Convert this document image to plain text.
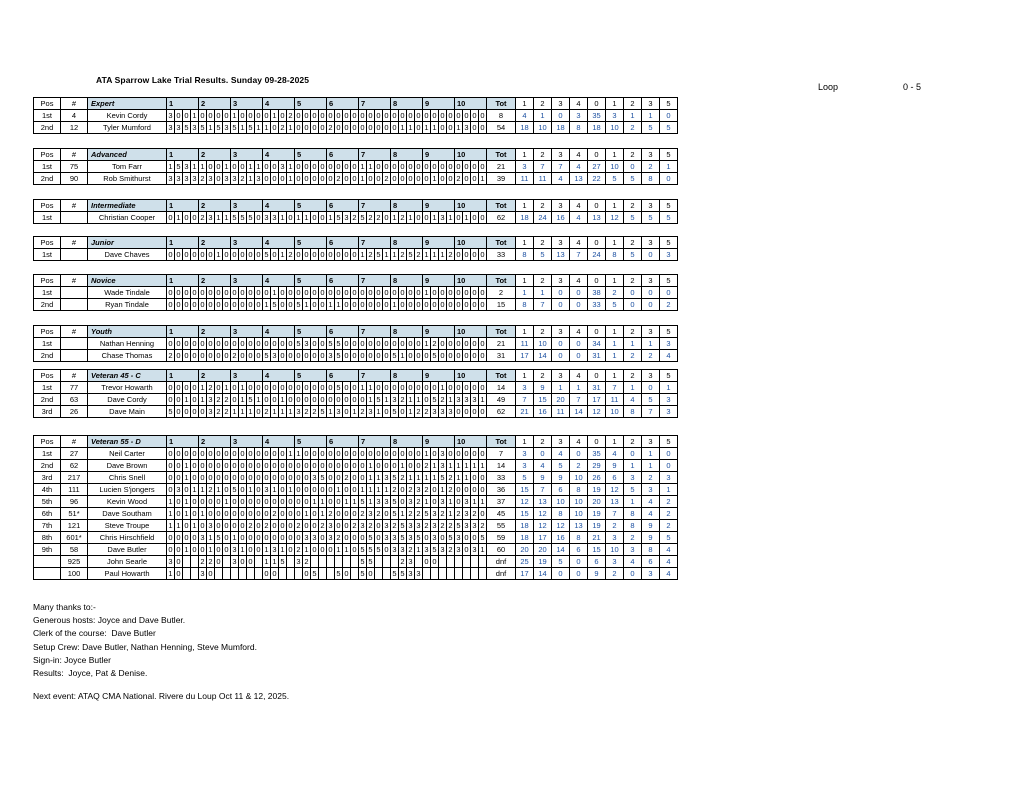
ATA Sparrow Lake Trial Results. Sunday 09-28-2025
Loop	0 - 5
Pos	#	Expert	1				2				3				4				5				6				7				8				9				10				Tot	1	2	3	4	0	1	2	3	5
1st	4	Kevin Cordy	3	0	0	1	0	0	0	0	1	0	0	0	0	1	0	2	0	0	0	0	0	0	0	0	0	0	0	0	0	0	0	0	0	0	0	0	0	0	0	0	8	4	1	0	3	35	3	1	1	0
2nd	12	Tyler Mumford	3	3	5	3	5	1	5	3	5	1	5	1	1	0	2	1	0	0	0	0	2	0	0	0	0	0	0	0	0	1	1	0	1	1	0	0	1	3	0	0	54	18	10	18	8	18	10	2	5	5
Pos	#	Advanced	1				2				3				4				5				6				7				8				9				10				Tot	1	2	3	4	0	1	2	3	5
1st	75	Tom Farr	1	5	3	1	1	0	0	1	0	0	1	1	0	0	3	1	0	0	0	0	0	0	0	0	1	1	0	0	0	0	0	0	0	0	0	0	0	0	0	0	21	3	7	7	4	27	10	0	2	1
2nd	90	Rob Smithurst	3	3	3	3	2	3	0	3	3	2	1	3	0	0	0	1	0	0	0	0	0	2	0	0	1	0	0	2	0	0	0	0	0	1	0	0	2	0	0	1	39	11	11	4	13	22	5	5	8	0
Pos	#	Intermediate	1				2				3				4				5				6				7				8				9				10				Tot	1	2	3	4	0	1	2	3	5
1st		Christian Cooper	0	1	0	0	2	3	1	1	5	5	5	0	3	3	1	0	1	1	0	0	1	5	3	2	5	2	2	0	1	2	1	0	0	1	3	1	0	1	0	0	62	18	24	16	4	13	12	5	5	5
Pos	#	Junior	1				2				3				4				5				6				7				8				9				10				Tot	1	2	3	4	0	1	2	3	5
1st		Dave Chaves	0	0	0	0	0	0	1	0	0	0	0	0	5	0	1	2	0	0	0	0	0	0	0	0	1	2	5	1	1	2	5	2	1	1	1	2	0	0	0	0	33	8	5	13	7	24	8	5	0	3
Pos	#	Novice	1				2				3				4				5				6				7				8				9				10				Tot	1	2	3	4	0	1	2	3	5
1st		Wade Tindale	0	0	0	0	0	0	0	0	0	0	0	0	0	1	0	0	0	0	0	0	0	0	0	0	0	0	0	0	0	0	0	0	1	0	0	0	0	0	0	0	2	1	1	0	0	38	2	0	0	0
2nd		Ryan Tindale	0	0	0	0	0	0	0	0	0	0	0	0	1	5	0	0	5	1	0	0	1	1	0	0	0	0	0	0	1	0	0	0	0	0	0	0	0	0	0	0	15	8	7	0	0	33	5	0	0	2
Pos	#	Youth	1				2				3				4				5				6				7				8				9				10				Tot	1	2	3	4	0	1	2	3	5
1st		Nathan Henning	0	0	0	0	0	0	0	0	0	0	0	0	0	0	0	0	5	3	0	0	5	5	0	0	0	0	0	0	0	0	0	0	1	2	0	0	0	0	0	0	21	11	10	0	0	34	1	1	1	3
2nd		Chase Thomas	2	0	0	0	0	0	0	0	2	0	0	0	5	3	0	0	0	0	0	0	3	5	0	0	0	0	0	0	5	1	0	0	0	5	0	0	0	0	0	0	31	17	14	0	0	31	1	2	2	4
Pos	#	Veteran 45 - C	1				2				3				4				5				6				7				8				9				10				Tot	1	2	3	4	0	1	2	3	5
1st	77	Trevor Howarth	0	0	0	0	1	2	0	1	0	1	0	0	0	0	0	0	0	0	0	0	0	5	0	0	1	1	0	0	0	0	0	0	0	0	1	0	0	0	0	0	14	3	9	1	1	31	7	1	0	1
2nd	63	Dave Cordy	0	0	1	0	1	3	2	2	0	1	5	1	0	0	1	0	0	0	0	0	0	0	0	0	0	1	5	1	3	2	1	1	0	5	2	1	3	3	3	1	49	7	15	20	7	17	11	4	5	3
3rd	26	Dave Main	5	0	0	0	0	3	2	2	1	1	1	0	2	1	1	1	3	2	2	5	1	3	0	1	2	3	1	0	5	0	1	2	2	3	3	3	0	0	0	0	62	21	16	11	14	12	10	8	7	3
Pos	#	Veteran 55 - D	1				2				3				4				5				6				7				8				9				10				Tot	1	2	3	4	0	1	2	3	5
1st	27	Neil Carter	0	0	0	0	0	0	0	0	0	0	0	0	0	0	0	1	1	0	0	0	0	0	0	0	0	0	0	0	0	0	0	0	1	0	3	0	0	0	0	0	7	3	0	4	0	35	4	0	1	0
2nd	62	Dave Brown	0	0	1	0	0	0	0	0	0	0	0	0	0	0	0	0	0	0	0	0	0	0	0	0	0	1	0	0	0	1	0	0	2	1	3	1	1	1	1	1	14	3	4	5	2	29	9	1	1	0
3rd	217	Chris Snell	0	0	1	0	0	0	0	0	0	0	0	0	0	0	0	0	0	0	3	5	0	0	2	0	0	1	1	3	5	2	1	1	1	1	5	2	1	1	0	0	33	5	9	9	10	26	6	3	2	3
4th	111	Lucien S'jongers	0	3	0	1	1	2	1	0	5	0	1	0	3	1	0	1	0	0	0	0	0	1	0	0	1	1	1	1	2	0	2	3	2	0	1	2	0	0	0	0	36	15	7	6	8	19	12	5	3	1
5th	96	Kevin Wood	1	0	1	0	0	0	0	1	0	0	0	0	0	0	0	0	0	0	1	1	0	0	1	1	5	1	3	3	5	0	3	2	1	0	3	1	0	3	1	1	37	12	13	10	10	20	13	1	4	2
6th	51*	Dave Southam	1	0	1	0	1	0	0	0	0	0	0	0	0	2	0	0	0	1	0	1	2	0	0	0	2	3	2	0	5	1	2	2	5	3	2	1	2	3	2	0	45	15	12	8	10	19	7	8	4	2
7th	121	Steve Troupe	1	1	0	1	0	3	0	0	0	0	2	0	2	0	0	0	2	0	0	2	3	0	0	2	3	2	0	3	2	5	3	3	2	3	2	2	5	3	3	2	55	18	12	12	13	19	2	8	9	2
8th	601*	Chris Hirschfield	0	0	0	0	3	1	5	0	1	0	0	0	0	0	0	0	0	3	3	0	3	2	0	0	0	5	0	3	3	5	3	5	0	3	0	5	3	0	0	5	59	18	17	16	8	21	3	2	9	5
9th	58	Dave Butler	0	0	1	0	0	1	0	0	3	1	0	0	1	3	1	0	2	1	0	0	0	1	1	0	5	5	5	0	3	3	2	1	3	5	3	2	3	0	3	1	60	20	20	14	6	15	10	3	8	4
	925	John Searle	3	0			2	2	0		3	0	0		1	1	5		3	2							5	5				2	3		0	0							dnf	25	19	5	0	6	3	4	6	4
	100	Paul Howarth	1	0			3	0							0	0				0	5			5	0		5	0			5	5	3	3									dnf	17	14	0	0	9	2	0	3	4
Many thanks to:-
Generous hosts: Joyce and Dave Butler.
Clerk of the course:  Dave Butler
Setup Crew: Dave Butler, Nathan Henning, Steve Mumford.
Sign-in: Joyce Butler
Results:  Joyce, Pat & Denise.
Next event: ATAQ CMA National. Rivere du Loup Oct 11 & 12, 2025.
